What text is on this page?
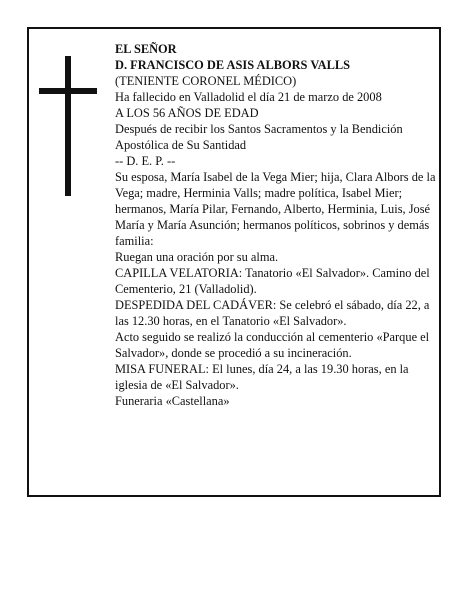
EL SEÑOR

D. FRANCISCO DE ASIS ALBORS VALLS

(TENIENTE CORONEL MÉDICO)

Ha fallecido en Valladolid el día 21 de marzo de 2008

A LOS 56 AÑOS DE EDAD

Después de recibir los Santos Sacramentos y la Bendición Apostólica de Su Santidad

-- D. E. P. --

Su esposa, María Isabel de la Vega Mier; hija, Clara Albors de la Vega; madre, Herminia Valls; madre política, Isabel Mier; hermanos, María Pilar, Fernando, Alberto, Herminia, Luis, José María y María Asunción; hermanos políticos, sobrinos y demás familia:

Ruegan una oración por su alma.

CAPILLA VELATORIA: Tanatorio «El Salvador». Camino del Cementerio, 21 (Valladolid).

DESPEDIDA DEL CADÁVER: Se celebró el sábado, día 22, a las 12.30 horas, en el Tanatorio «El Salvador».

Acto seguido se realizó la conducción al cementerio «Parque el Salvador», donde se procedió a su incineración.

MISA FUNERAL: El lunes, día 24, a las 19.30 horas, en la iglesia de «El Salvador».

Funeraria «Castellana»
